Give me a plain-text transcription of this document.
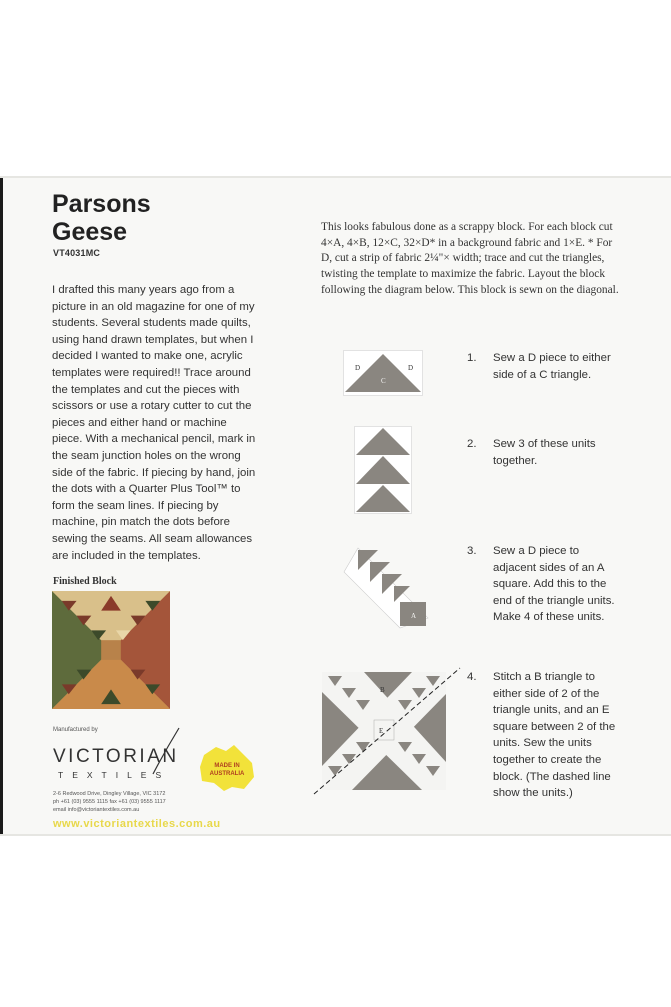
Parsons
Geese
VT4031MC

I drafted this many years ago from a picture in an old magazine for one of my students. Several students made quilts, using hand drawn templates, but when I decided I wanted to make one, acrylic templates were required!! Trace around the templates and cut the pieces with scissors or use a rotary cutter to cut the pieces and either hand or machine piece. With a mechanical pencil, mark in the seam junction holes on the wrong side of the fabric. If piecing by hand, join the dots with a Quarter Plus Tool™ to form the seam lines. If piecing by machine, pin match the dots before sewing the seams. All seam allowances are included in the templates.

Finished Block
Manufactured by
VICTORIAN
TEXTILES
MADE IN
AUSTRALIA
2-6 Redwood Drive, Dingley Village, VIC 3172
ph +61 (03) 9555 1115 fax +61 (03) 9555 1117
email info@victoriantextiles.com.au
www.victoriantextiles.com.au

This looks fabulous done as a scrappy block. For each block cut 4×A, 4×B, 12×C, 32×D* in a background fabric and 1×E. * For D, cut a strip of fabric 2¼"× width; trace and cut the triangles, twisting the template to maximize the fabric. Layout the block following the diagram below. This block is sewn on the diagonal.

D	D
C
A
B
E
1.	Sew a D piece to either side of a C triangle.
2.	Sew 3 of these units together.
3.	Sew a D piece to adjacent sides of an A square. Add this to the end of the triangle units. Make 4 of these units.
4.	Stitch a B triangle to either side of 2 of the triangle units, and an E square between 2 of the units. Sew the units together to create the block. (The dashed line show the units.)
